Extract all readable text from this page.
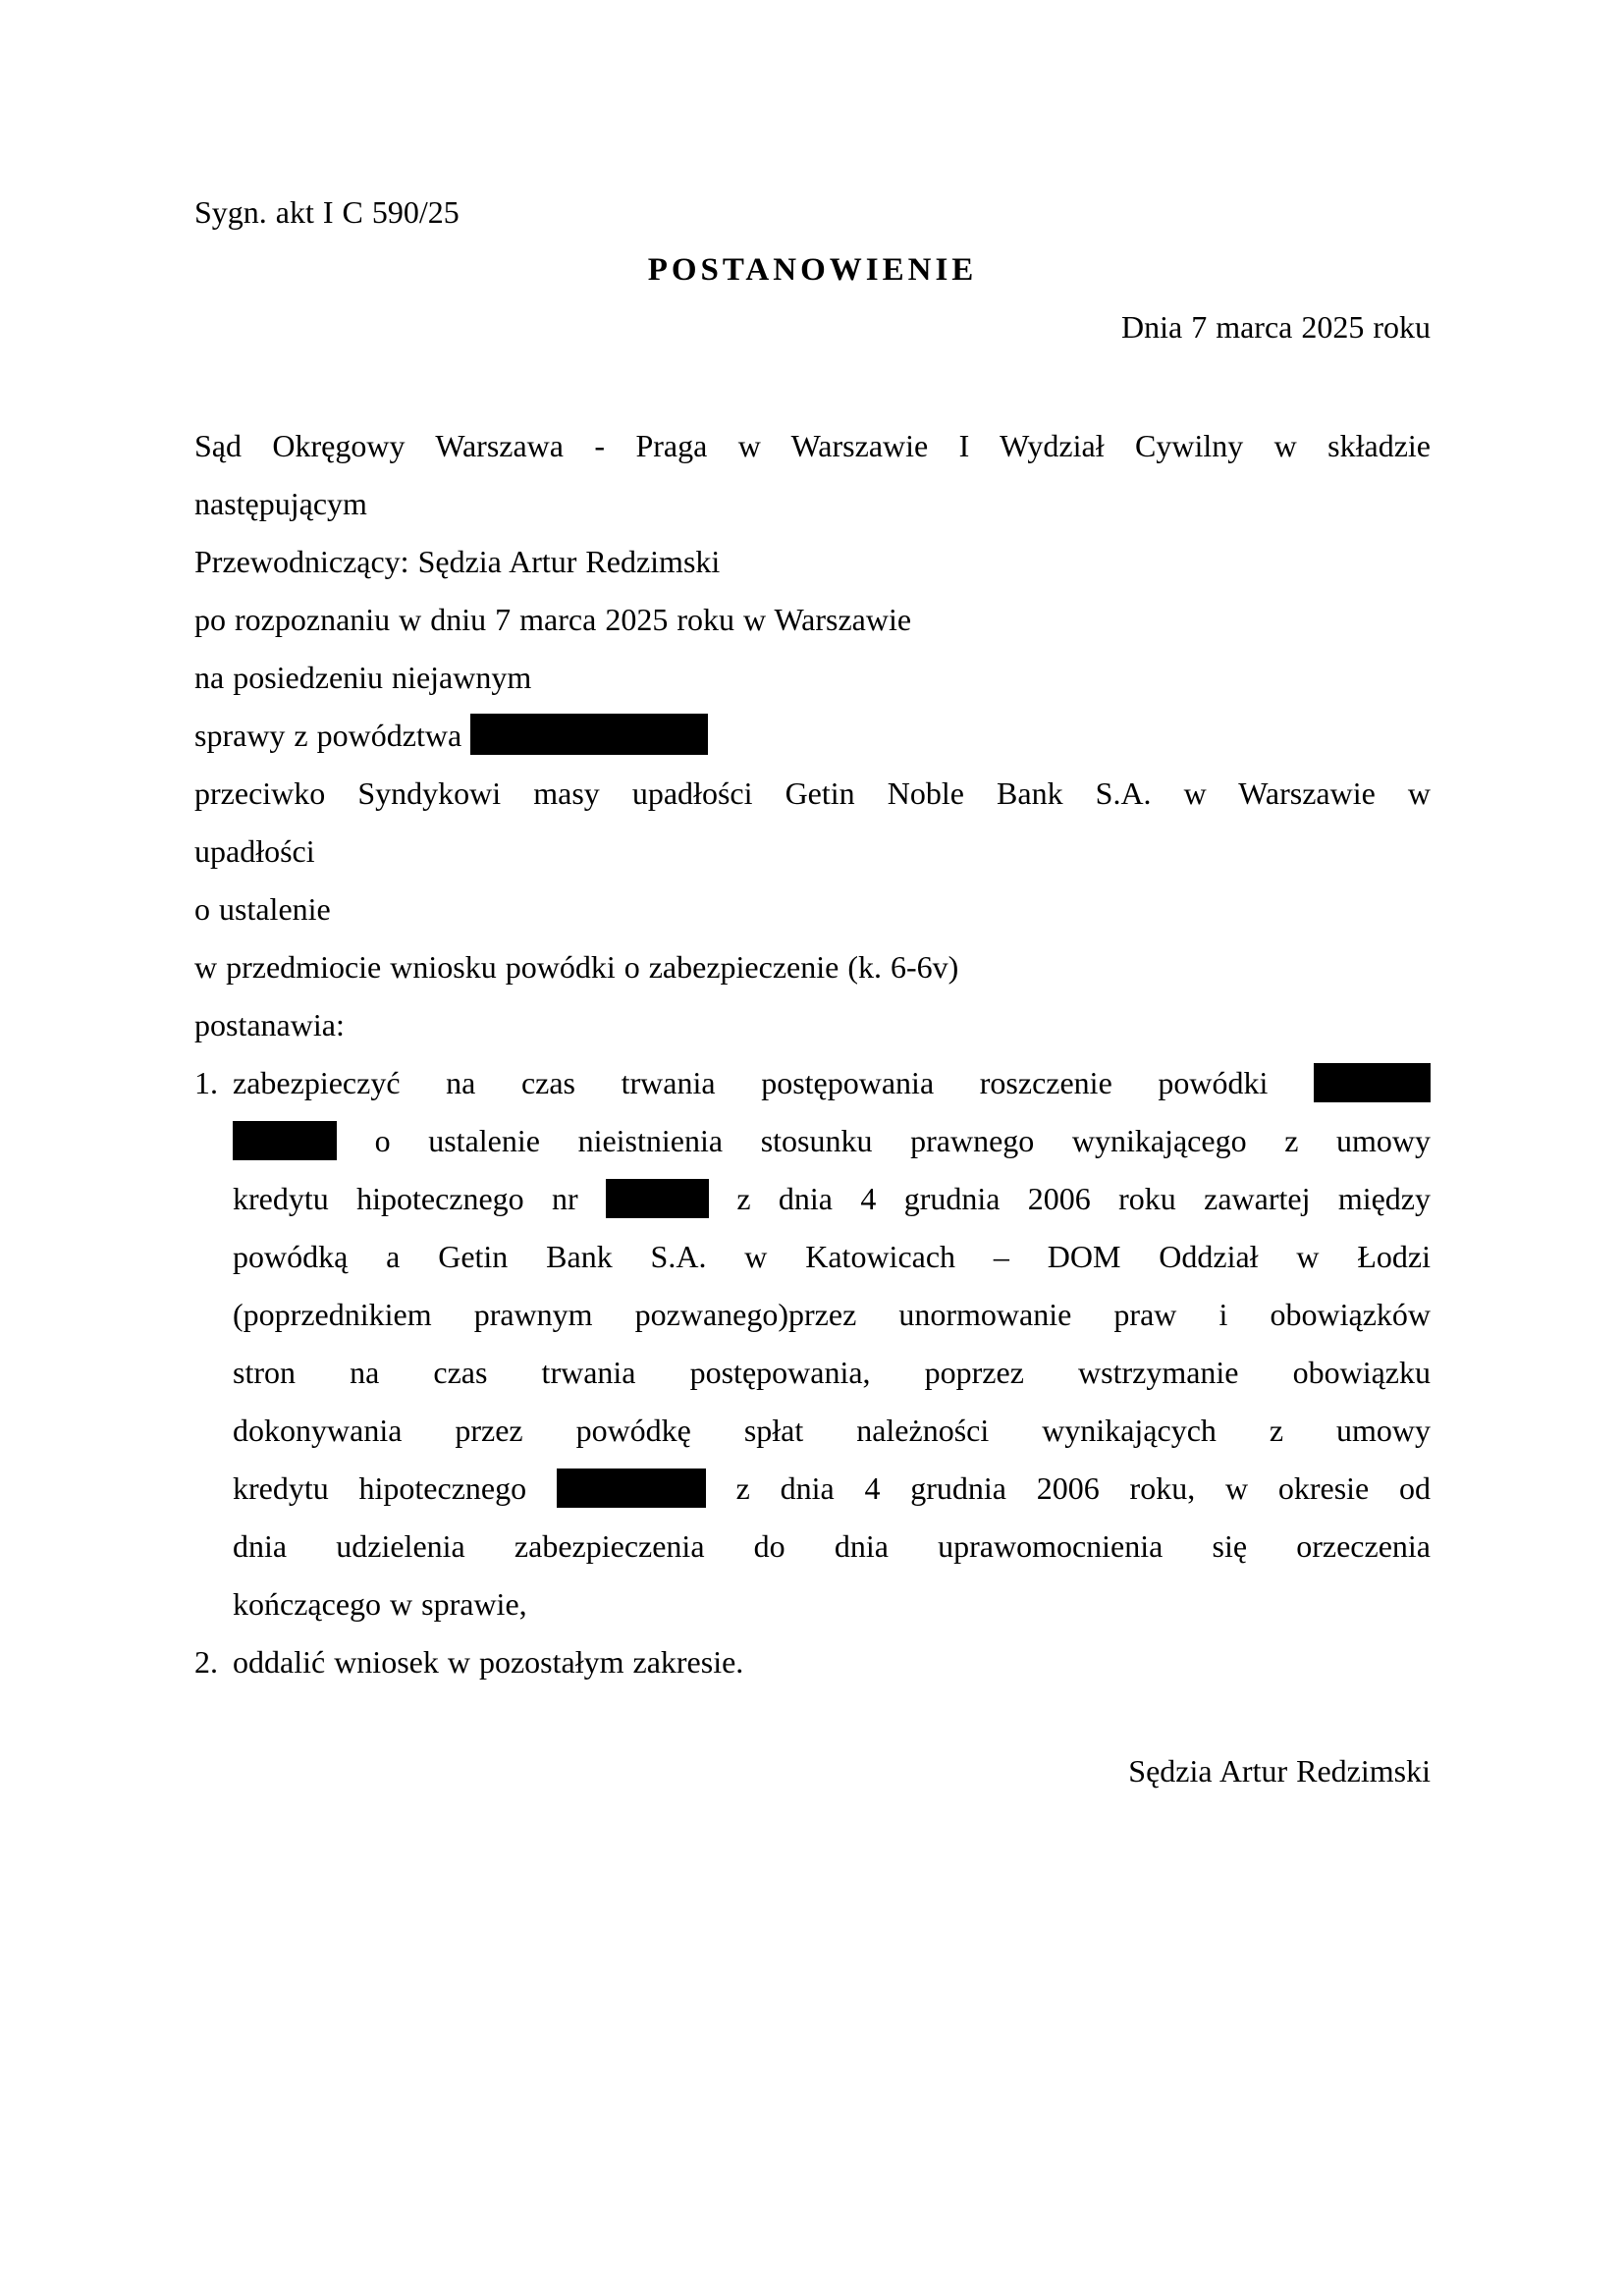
Sygn. akt I C 590/25
POSTANOWIENIE
Dnia 7 marca 2025 roku
Sąd Okręgowy Warszawa - Praga w Warszawie I Wydział Cywilny w składzie
następującym
Przewodniczący: Sędzia Artur Redzimski
po rozpoznaniu w dniu 7 marca 2025 roku w Warszawie
na posiedzeniu niejawnym
sprawy z powództwa
przeciwko Syndykowi masy upadłości Getin Noble Bank S.A. w Warszawie w
upadłości
o ustalenie
w przedmiocie wniosku powódki o zabezpieczenie (k. 6-6v)
postanawia:
1. zabezpieczyć na czas trwania postępowania roszczenie powódki
o ustalenie nieistnienia stosunku prawnego wynikającego z umowy
kredytu hipotecznego nr	z dnia 4 grudnia 2006 roku zawartej między
powódką a Getin Bank S.A. w Katowicach – DOM Oddział w Łodzi
(poprzednikiem prawnym pozwanego)przez unormowanie praw i obowiązków
stron na czas trwania postępowania, poprzez wstrzymanie obowiązku
dokonywania przez powódkę spłat należności wynikających z umowy
kredytu hipotecznego	z dnia 4 grudnia 2006 roku, w okresie od
dnia udzielenia zabezpieczenia do dnia uprawomocnienia się orzeczenia
kończącego w sprawie,
2. oddalić wniosek w pozostałym zakresie.
Sędzia Artur Redzimski
